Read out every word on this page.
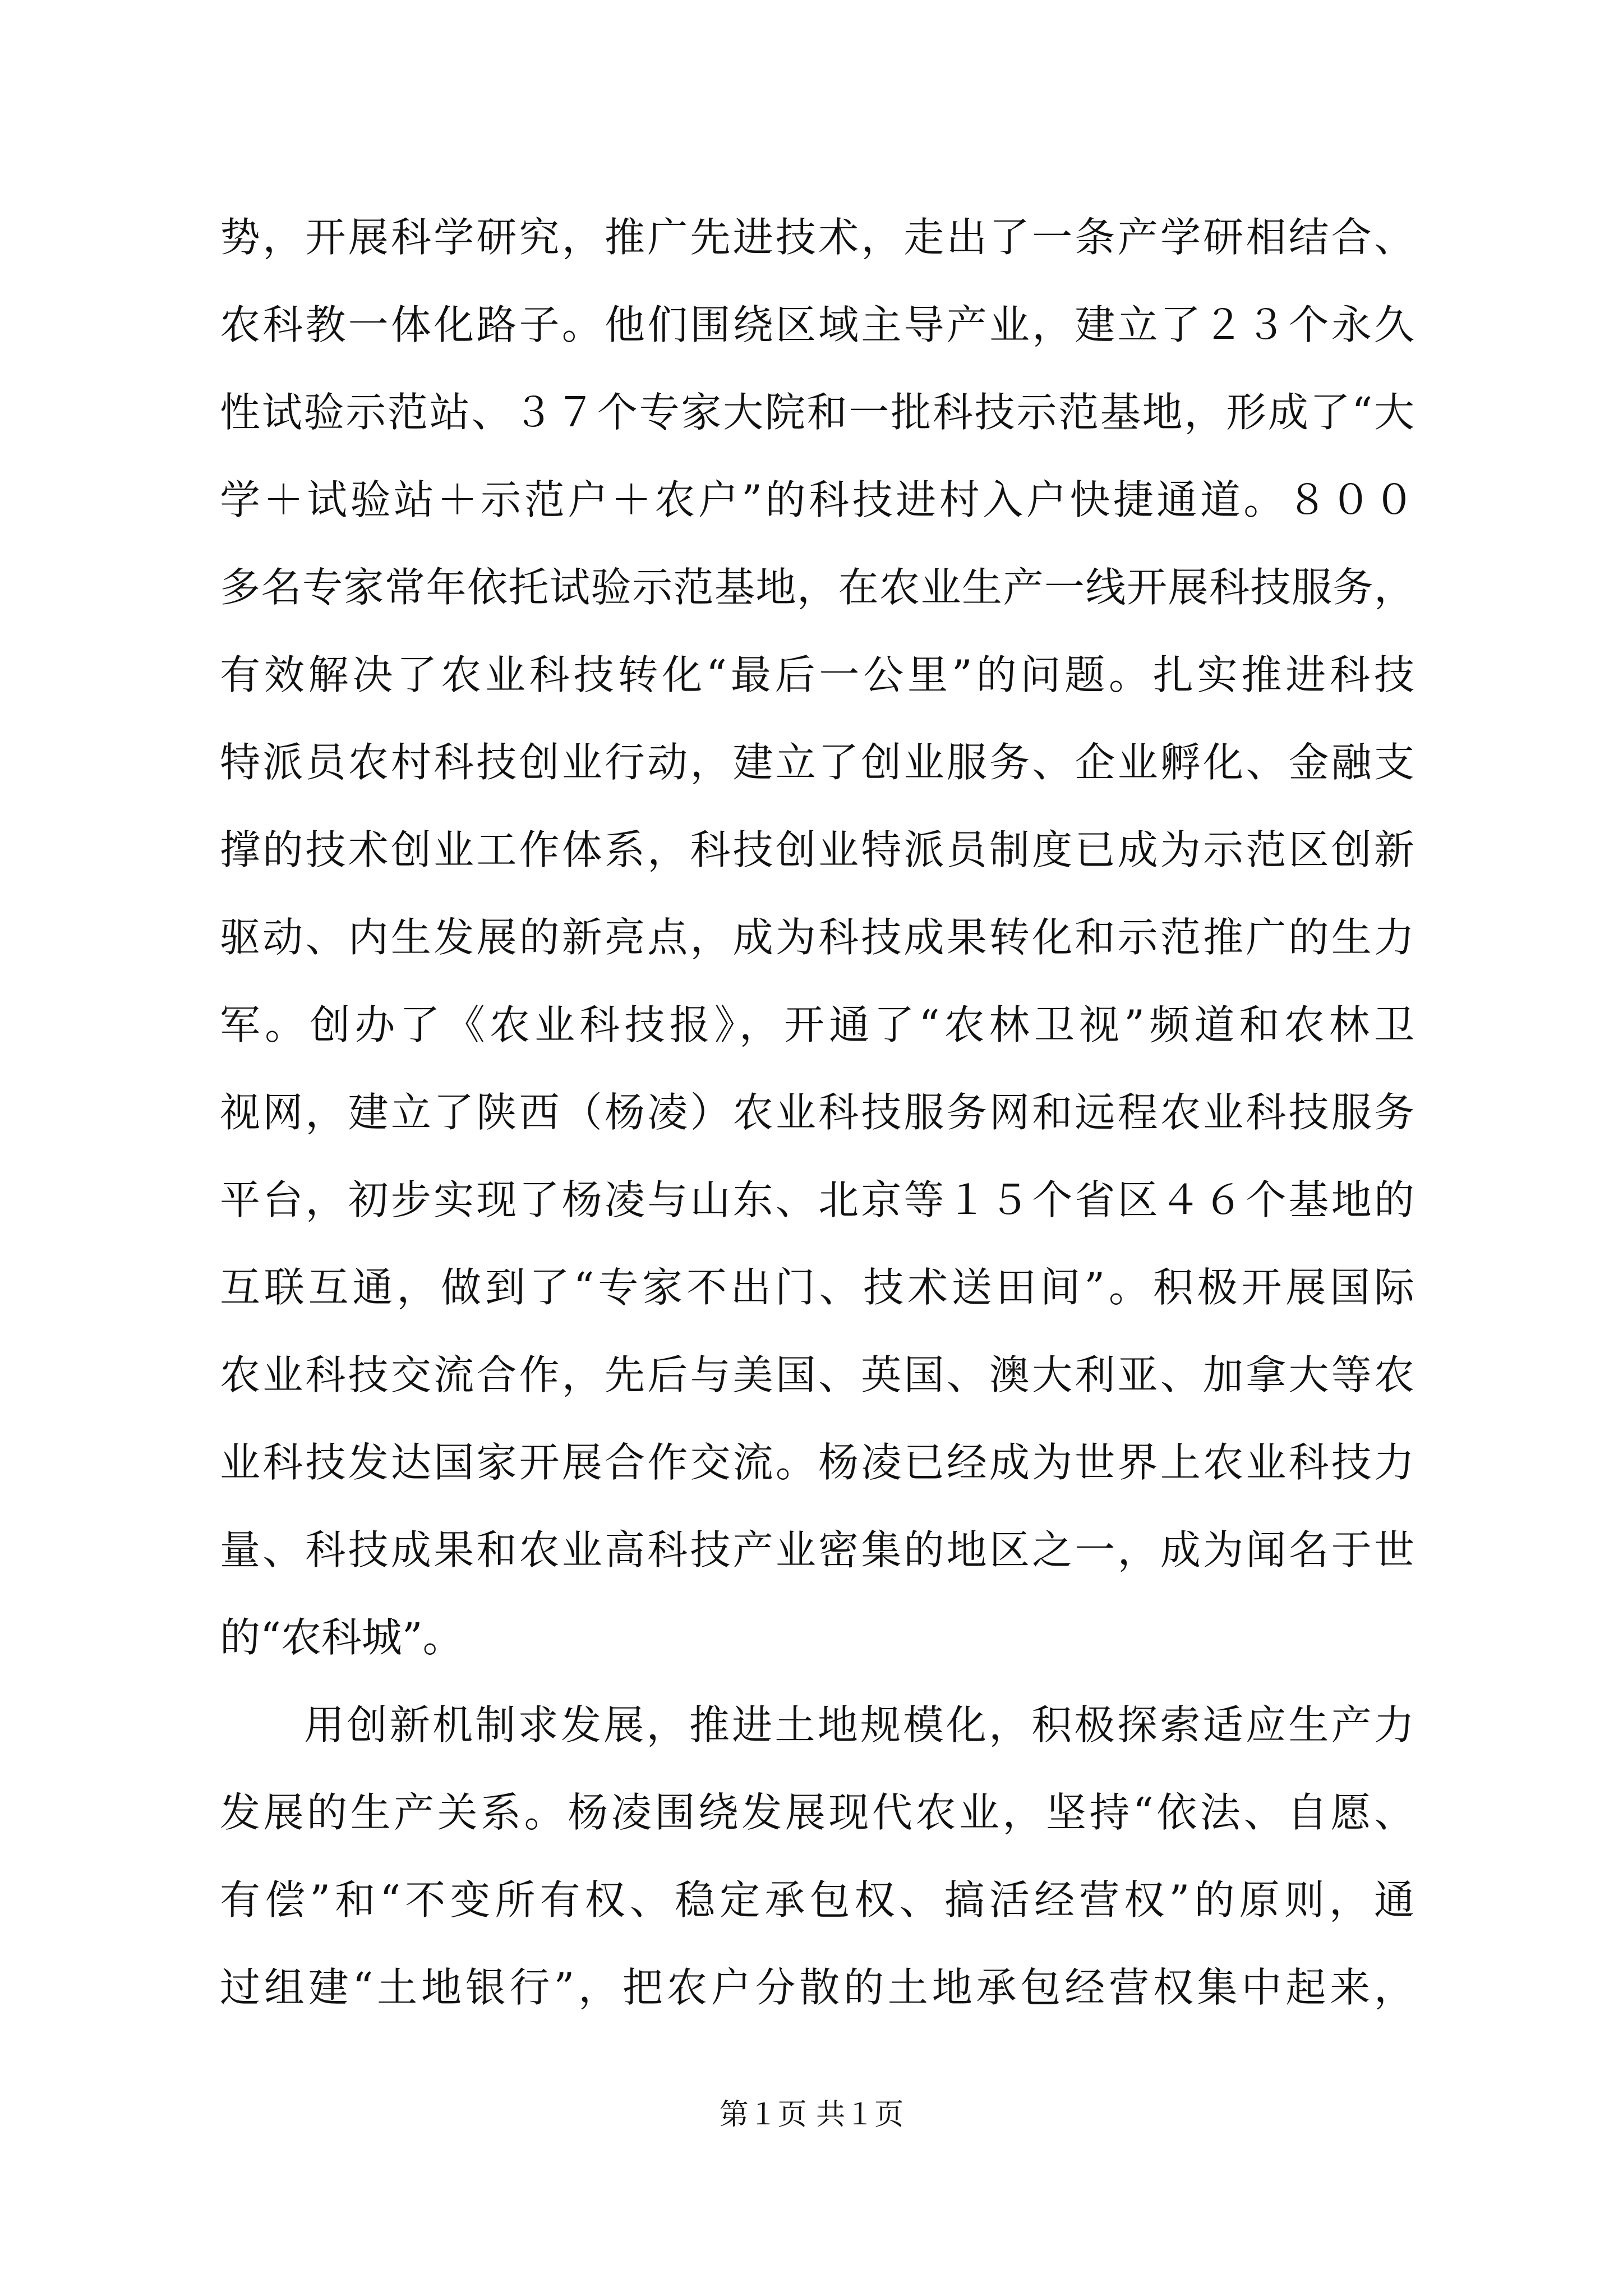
势，开展科学研究，推广先进技术，走出了一条产学研相结合、
农科教一体化路子。他们围绕区域主导产业，建立了２３个永久
性试验示范站、３７个专家大院和一批科技示范基地，形成了“大
学＋试验站＋示范户＋农户”的科技进村入户快捷通道。８００
多名专家常年依托试验示范基地，在农业生产一线开展科技服务，
有效解决了农业科技转化“最后一公里”的问题。扎实推进科技
特派员农村科技创业行动，建立了创业服务、企业孵化、金融支
撑的技术创业工作体系，科技创业特派员制度已成为示范区创新
驱动、内生发展的新亮点，成为科技成果转化和示范推广的生力
军。创办了《农业科技报》，开通了“农林卫视”频道和农林卫
视网，建立了陕西（杨凌）农业科技服务网和远程农业科技服务
平台，初步实现了杨凌与山东、北京等１５个省区４６个基地的
互联互通，做到了“专家不出门、技术送田间”。积极开展国际
农业科技交流合作，先后与美国、英国、澳大利亚、加拿大等农
业科技发达国家开展合作交流。杨凌已经成为世界上农业科技力
量、科技成果和农业高科技产业密集的地区之一，成为闻名于世
的“农科城”。
用创新机制求发展，推进土地规模化，积极探索适应生产力
发展的生产关系。杨凌围绕发展现代农业，坚持“依法、自愿、
有偿”和“不变所有权、稳定承包权、搞活经营权”的原则，通
过组建“土地银行”，把农户分散的土地承包经营权集中起来，
第１页 共１页
